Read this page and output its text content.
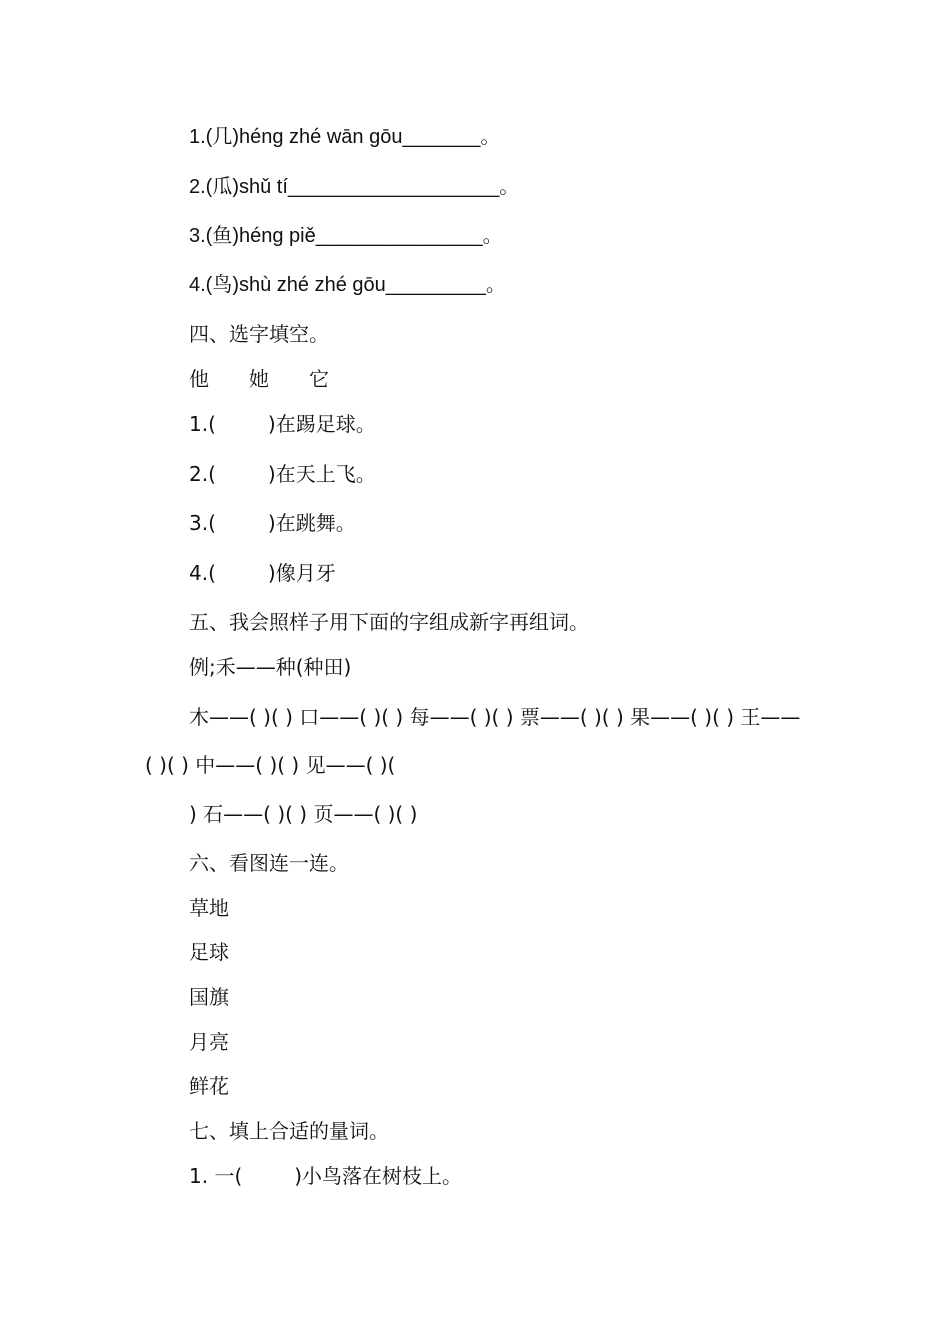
1.(几)héng zhé wān gōu_______。
2.(瓜)shǔ tí___________________。
3.(鱼)héng piě_______________。
4.(鸟)shù zhé zhé gōu_________。
四、选字填空。
他 她 它
1.(	)在踢足球。
2.(	)在天上飞。
3.(	)在跳舞。
4.(	)像月牙
五、我会照样子用下面的字组成新字再组词。
例;禾——种(种田)
木——( )( ) 口——( )( ) 每——( )( ) 票——( )( ) 果——( )( ) 王——
( )( ) 中——( )( ) 见——( )(
) 石——( )( ) 页——( )( )
六、看图连一连。
草地
足球
国旗
月亮
鲜花
七、填上合适的量词。
1. 一(	)小鸟落在树枝上。
